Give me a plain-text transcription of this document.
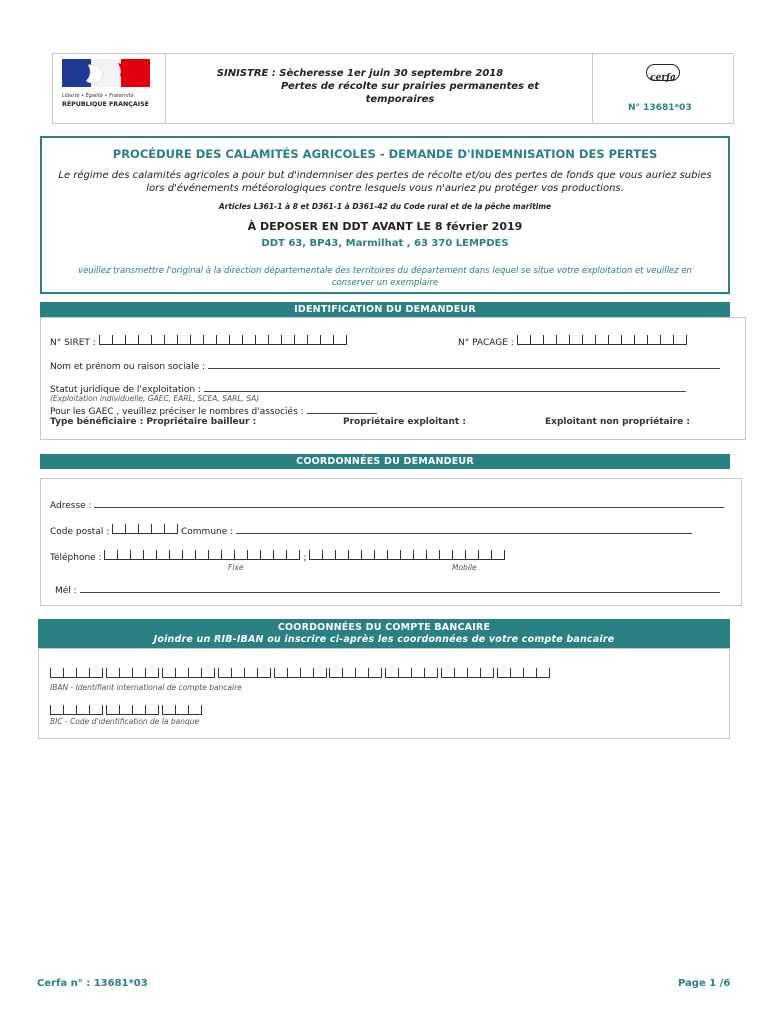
Liberté • Égalité • Fraternité
RÉPUBLIQUE FRANÇAISE
SINISTRE : Sècheresse 1er juin 30 septembre 2018
Pertes de récolte sur prairies permanentes et
temporaires
cerfa
N° 13681*03
PROCÉDURE DES CALAMITÉS AGRICOLES - DEMANDE D'INDEMNISATION DES PERTES
Le régime des calamités agricoles a pour but d'indemniser des pertes de récolte et/ou des pertes de fonds que vous auriez subies
lors d'événements météorologiques contre lesquels vous n'auriez pu protéger vos productions.
Articles L361-1 à 8 et D361-1 à D361-42 du Code rural et de la pêche maritime
À DEPOSER EN DDT AVANT LE 8 février 2019
DDT 63, BP43, Marmilhat , 63 370 LEMPDES
veuillez transmettre l'original à la direction départementale des territoires du département dans lequel se situe votre exploitation et veuillez en
conserver un exemplaire
IDENTIFICATION DU DEMANDEUR
N° SIRET :	N° PACAGE :
Nom et prénom ou raison sociale :
Statut juridique de l'exploitation :
(Exploitation individuelle, GAEC, EARL, SCEA, SARL, SA)
Pour les GAEC , veuillez préciser le nombres d'associés :
Type bénéficiaire : Propriétaire bailleur :	Propriétaire exploitant :	Exploitant non propriétaire :
COORDONNÉES DU DEMANDEUR
Adresse :
Code postal :	Commune :
Téléphone :	;
Fixe	Mobile
Mél :
COORDONNÉES DU COMPTE BANCAIRE
Joindre un RIB-IBAN ou inscrire ci-après les coordonnées de votre compte bancaire

IBAN - Identifiant international de compte bancaire

BIC - Code d'identification de la banque
Cerfa n° : 13681*03	Page 1 /6
